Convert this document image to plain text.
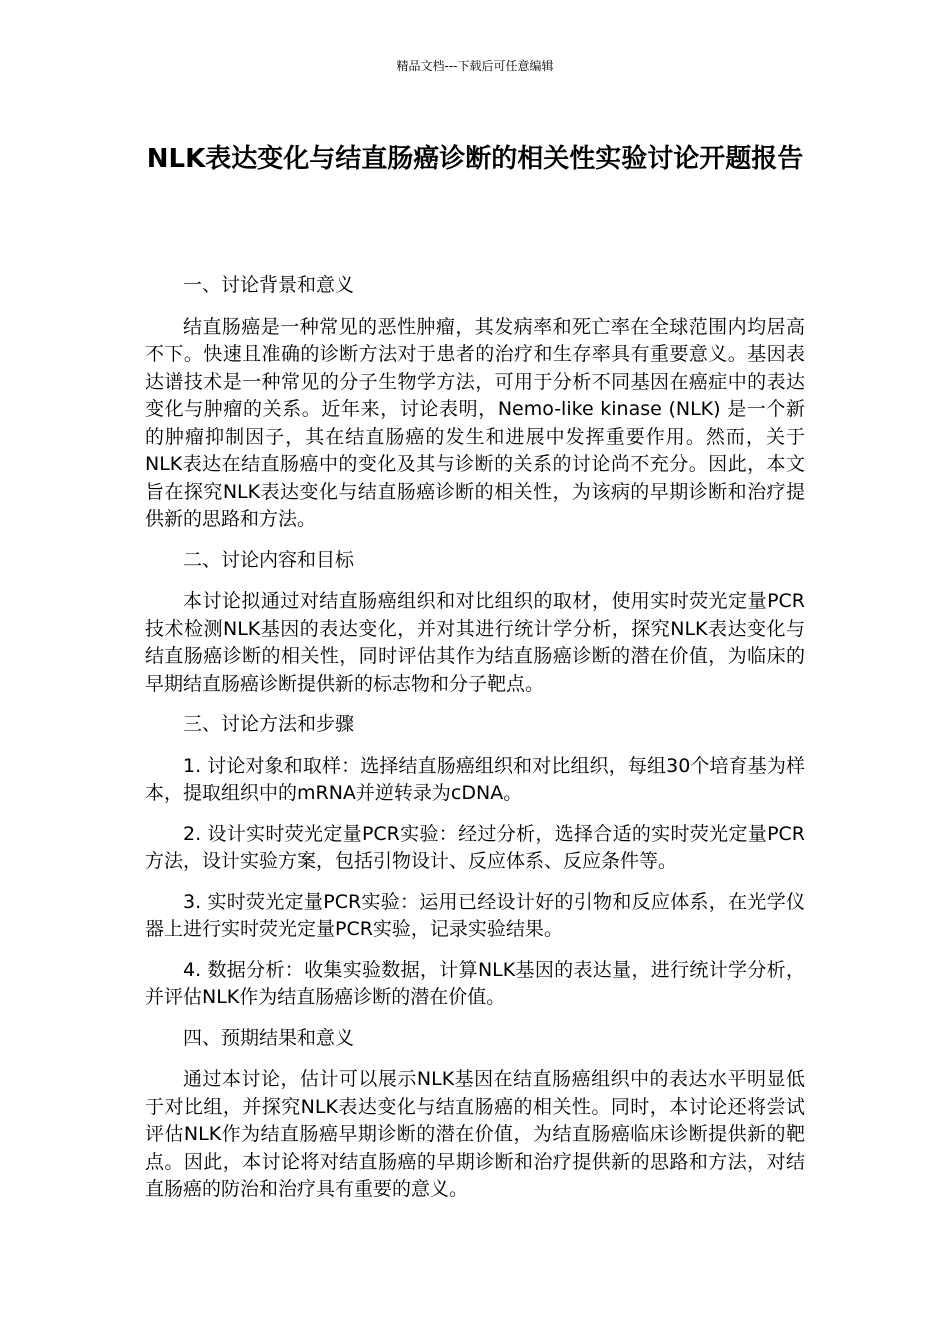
精品文档---下载后可任意编辑
NLK表达变化与结直肠癌诊断的相关性实验讨论开题报告

一、讨论背景和意义

结直肠癌是一种常见的恶性肿瘤，其发病率和死亡率在全球范围内均居高不下。快速且准确的诊断方法对于患者的治疗和生存率具有重要意义。基因表达谱技术是一种常见的分子生物学方法，可用于分析不同基因在癌症中的表达变化与肿瘤的关系。近年来，讨论表明，Nemo-like kinase (NLK) 是一个新的肿瘤抑制因子，其在结直肠癌的发生和进展中发挥重要作用。然而，关于NLK表达在结直肠癌中的变化及其与诊断的关系的讨论尚不充分。因此，本文旨在探究NLK表达变化与结直肠癌诊断的相关性，为该病的早期诊断和治疗提供新的思路和方法。

二、讨论内容和目标

本讨论拟通过对结直肠癌组织和对比组织的取材，使用实时荧光定量PCR技术检测NLK基因的表达变化，并对其进行统计学分析，探究NLK表达变化与结直肠癌诊断的相关性，同时评估其作为结直肠癌诊断的潜在价值，为临床的早期结直肠癌诊断提供新的标志物和分子靶点。

三、讨论方法和步骤

1. 讨论对象和取样：选择结直肠癌组织和对比组织，每组30个培育基为样本，提取组织中的mRNA并逆转录为cDNA。

2. 设计实时荧光定量PCR实验：经过分析，选择合适的实时荧光定量PCR方法，设计实验方案，包括引物设计、反应体系、反应条件等。

3. 实时荧光定量PCR实验：运用已经设计好的引物和反应体系，在光学仪器上进行实时荧光定量PCR实验，记录实验结果。

4. 数据分析：收集实验数据，计算NLK基因的表达量，进行统计学分析，并评估NLK作为结直肠癌诊断的潜在价值。

四、预期结果和意义

通过本讨论，估计可以展示NLK基因在结直肠癌组织中的表达水平明显低于对比组，并探究NLK表达变化与结直肠癌的相关性。同时，本讨论还将尝试评估NLK作为结直肠癌早期诊断的潜在价值，为结直肠癌临床诊断提供新的靶点。因此，本讨论将对结直肠癌的早期诊断和治疗提供新的思路和方法，对结直肠癌的防治和治疗具有重要的意义。
